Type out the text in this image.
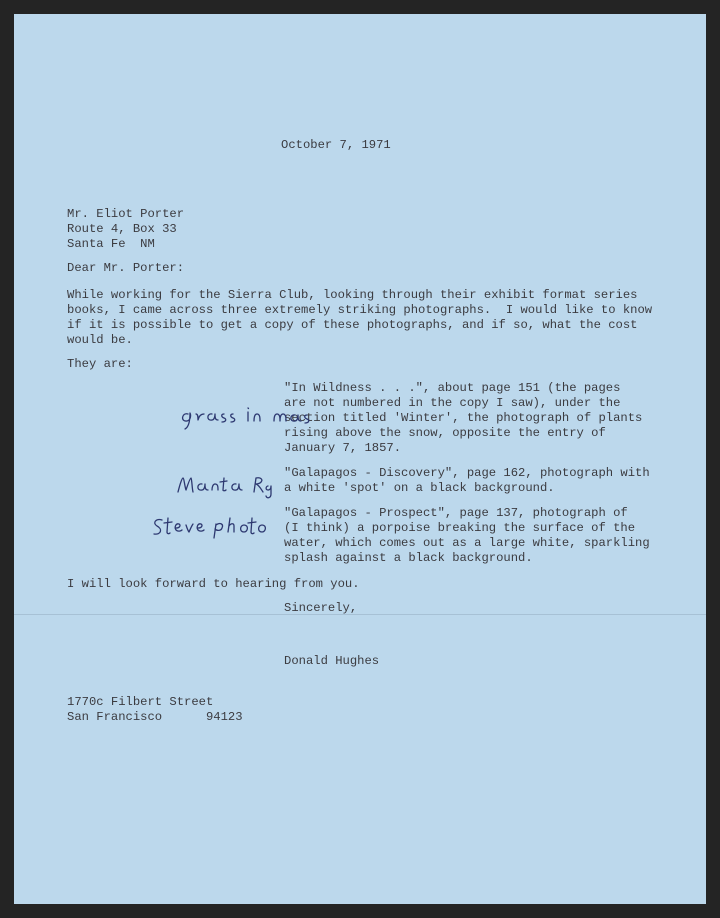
October 7, 1971

Mr. Eliot Porter

Route 4, Box 33

Santa Fe  NM

Dear Mr. Porter:

While working for the Sierra Club, looking through their exhibit format series

books, I came across three extremely striking photographs.  I would like to know

if it is possible to get a copy of these photographs, and if so, what the cost

would be.

They are:

"In Wildness . . .", about page 151 (the pages

are not numbered in the copy I saw), under the

section titled 'Winter', the photograph of plants

rising above the snow, opposite the entry of

January 7, 1857.

"Galapagos - Discovery", page 162, photograph with

a white 'spot' on a black background.

"Galapagos - Prospect", page 137, photograph of

(I think) a porpoise breaking the surface of the

water, which comes out as a large white, sparkling

splash against a black background.

I will look forward to hearing from you.

Sincerely,

Donald Hughes

1770c Filbert Street

San Francisco      94123
